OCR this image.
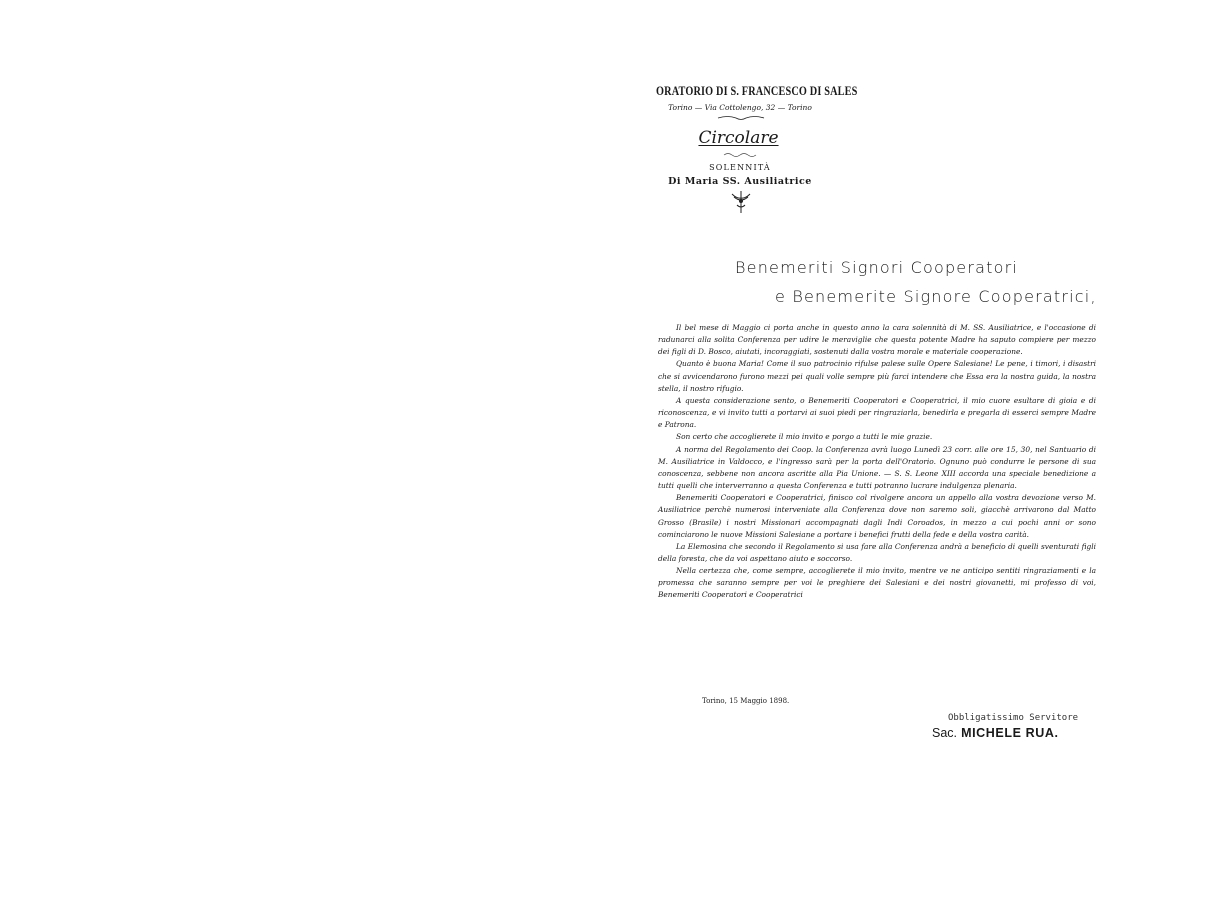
ORATORIO DI S. FRANCESCO DI SALES
Torino — Via Cottolengo, 32 — Torino
Circolare
SOLENNITÀ
Di Maria SS. Ausiliatrice
Benemeriti Signori Cooperatori
e Benemerite Signore Cooperatrici,

Il bel mese di Maggio ci porta anche in questo anno la cara solennità di M. SS. Ausiliatrice, e l'occasione di radunarci alla solita Conferenza per udire le meraviglie che questa potente Madre ha saputo compiere per mezzo dei figli di D. Bosco, aiutati, incoraggiati, sostenuti dalla vostra morale e materiale cooperazione.

Quanto è buona Maria! Come il suo patrocinio rifulse palese sulle Opere Salesiane! Le pene, i timori, i disastri che si avvicendarono furono mezzi pei quali volle sempre più farci intendere che Essa era la nostra guida, la nostra stella, il nostro rifugio.

A questa considerazione sento, o Benemeriti Cooperatori e Cooperatrici, il mio cuore esultare di gioia e di riconoscenza, e vi invito tutti a portarvi ai suoi piedi per ringraziarla, benedirla e pregarla di esserci sempre Madre e Patrona.

Son certo che accoglierete il mio invito e porgo a tutti le mie grazie.

A norma del Regolamento dei Coop. la Conferenza avrà luogo Lunedì 23 corr. alle ore 15, 30, nel Santuario di M. Ausiliatrice in Valdocco, e l'ingresso sarà per la porta dell'Oratorio. Ognuno può condurre le persone di sua conoscenza, sebbene non ancora ascritte alla Pia Unione. — S. S. Leone XIII accorda una speciale benedizione a tutti quelli che interverranno a questa Conferenza e tutti potranno lucrare indulgenza plenaria.

Benemeriti Cooperatori e Cooperatrici, finisco col rivolgere ancora un appello alla vostra devozione verso M. Ausiliatrice perchè numerosi interveniate alla Conferenza dove non saremo soli, giacchè arrivarono dal Matto Grosso (Brasile) i nostri Missionari accompagnati dagli Indi Coroados, in mezzo a cui pochi anni or sono cominciarono le nuove Missioni Salesiane a portare i benefici frutti della fede e della vostra carità.

La Elemosina che secondo il Regolamento si usa fare alla Conferenza andrà a beneficio di quelli sventurati figli della foresta, che da voi aspettano aiuto e soccorso.

Nella certezza che, come sempre, accoglierete il mio invito, mentre ve ne anticipo sentiti ringraziamenti e la promessa che saranno sempre per voi le preghiere dei Salesiani e dei nostri giovanetti, mi professo di voi, Benemeriti Cooperatori e Cooperatrici

Torino, 15 Maggio 1898.
Obbligatissimo Servitore
Sac. MICHELE RUA.
